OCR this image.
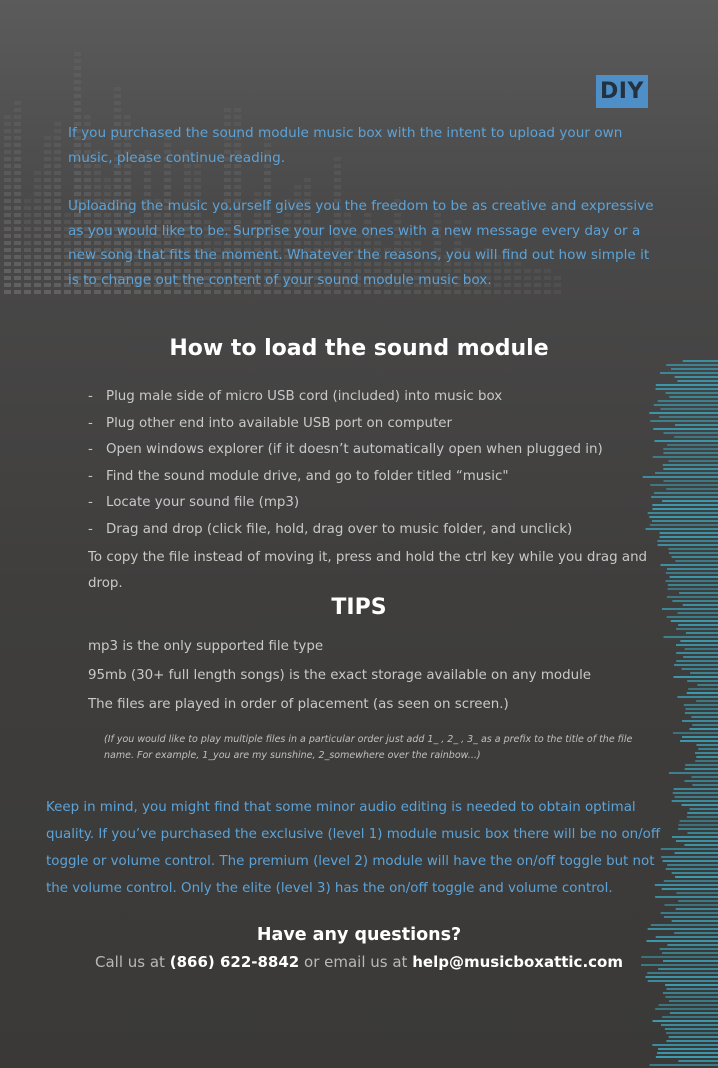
DIY

If you purchased the sound module music box with the intent to upload your own music, please continue reading.

Uploading the music yo.urself gives you the freedom to be as creative and expressive as you would like to be. Surprise your love ones with a new message every day or a new song that fits the moment. Whatever the reasons, you will find out how simple it is to change out the content of your sound module music box.

How to load the sound module
- Plug male side of micro USB cord (included) into music box
- Plug other end into available USB port on computer
- Open windows explorer (if it doesn’t automatically open when plugged in)
- Find the sound module drive, and go to folder titled “music"
- Locate your sound file (mp3)
- Drag and drop (click file, hold, drag over to music folder, and unclick)
To copy the file instead of moving it, press and hold the ctrl key while you drag and drop.
TIPS
mp3 is the only supported file type
95mb (30+ full length songs) is the exact storage available on any module
The files are played in order of placement (as seen on screen.)
(If you would like to play multiple files in a particular order just add 1_ , 2_ , 3_ as a prefix to the title of the file name. For example, 1_you are my sunshine, 2_somewhere over the rainbow...)
Keep in mind, you might find that some minor audio editing is needed to obtain optimal quality. If you’ve purchased the exclusive (level 1) module music box there will be no on/off toggle or volume control. The premium (level 2) module will have the on/off toggle but not the volume control. Only the elite (level 3) has the on/off toggle and volume control.
Have any questions?
Call us at (866) 622-8842 or email us at help@musicboxattic.com
